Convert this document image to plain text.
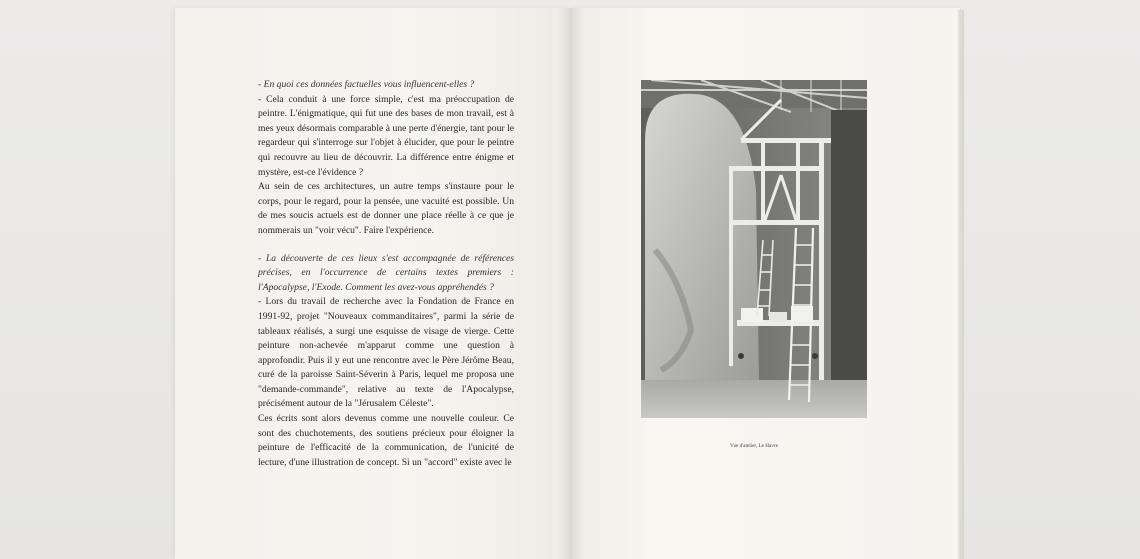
- En quoi ces données factuelles vous influencent-elles ?

- Cela conduit à une force simple, c'est ma préoccupation de peintre. L'énigmatique, qui fut une des bases de mon travail, est à mes yeux désormais comparable à une perte d'énergie, tant pour le regardeur qui s'interroge sur l'objet à élucider, que pour le peintre qui recouvre au lieu de découvrir. La différence entre énigme et mystère, est-ce l'évidence ?

Au sein de ces architectures, un autre temps s'instaure pour le corps, pour le regard, pour la pensée, une vacuité est possible. Un de mes soucis actuels est de donner une place réelle à ce que je nommerais un "voir vécu". Faire l'expérience.

- La découverte de ces lieux s'est accompagnée de références précises, en l'occurrence de certains textes premiers : l'Apocalypse, l'Exode. Comment les avez-vous appréhendés ?

- Lors du travail de recherche avec la Fondation de France en 1991-92, projet "Nouveaux commanditaires", parmi la série de tableaux réalisés, a surgi une esquisse de visage de vierge. Cette peinture non-achevée m'apparut comme une question à approfondir. Puis il y eut une rencontre avec le Père Jérôme Beau, curé de la paroisse Saint-Séverin à Paris, lequel me proposa une "demande-commande", relative au texte de l'Apocalypse, précisément autour de la "Jérusalem Céleste".

Ces écrits sont alors devenus comme une nouvelle couleur. Ce sont des chuchotements, des soutiens précieux pour éloigner la peinture de l'efficacité de la communication, de l'unicité de lecture, d'une illustration de concept. Si un "accord" existe avec le

Vue d'atelier, Le Havre
